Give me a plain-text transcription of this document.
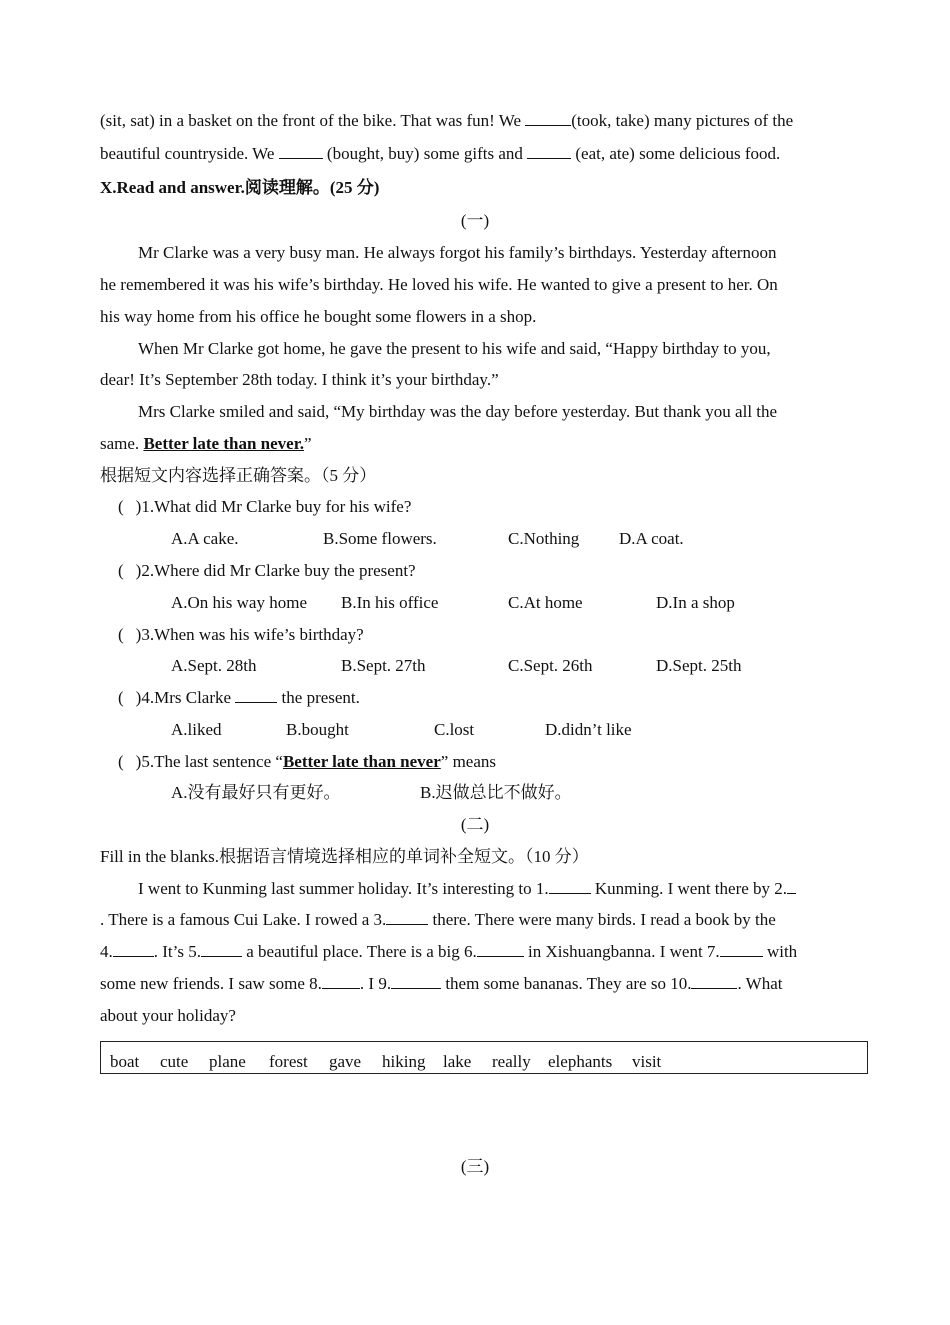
(sit, sat) in a basket on the front of the bike. That was fun! We	(took, take) many pictures of the
beautiful countryside. We	(bought, buy) some gifts and	(eat, ate) some delicious food.
X.Read and answer.阅读理解。(25 分)
(一)
Mr Clarke was a very busy man. He always forgot his family’s birthdays. Yesterday afternoon
he remembered it was his wife’s birthday. He loved his wife. He wanted to give a present to her. On
his way home from his office he bought some flowers in a shop.
When Mr Clarke got home, he gave the present to his wife and said, “Happy birthday to you,
dear! It’s September 28th today. I think it’s your birthday.”
Mrs Clarke smiled and said, “My birthday was the day before yesterday. But thank you all the
same. Better late than never.”
根据短文内容选择正确答案。（5 分）
( )1.What did Mr Clarke buy for his wife?
A.A cake.	B.Some flowers.	C.Nothing D.A coat.
( )2.Where did Mr Clarke buy the present?
A.On his way home B.In his office	C.At home	D.In a shop
( )3.When was his wife’s birthday?
A.Sept. 28th	B.Sept. 27th	C.Sept. 26th	D.Sept. 25th
( )4.Mrs Clarke  the present.
A.liked	B.bought	C.lost	D.didn’t like
( )5.The last sentence “Better late than never” means
A.没有最好只有更好。	B.迟做总比不做好。
(二)
Fill in the blanks.根据语言情境选择相应的单词补全短文。（10 分）
I went to Kunming last summer holiday. It’s interesting to 1. Kunming. I went there by 2.
. There is a famous Cui Lake. I rowed a 3. there. There were many birds. I read a book by the
4. . It’s 5. a beautiful place. There is a big 6.	in Xishuangbanna. I went 7.	with
some new friends. I saw some 8. . I 9.	them some bananas. They are so 10.	. What
about your holiday?
boat cute plane forest gave hiking lake really elephants visit
(三)
